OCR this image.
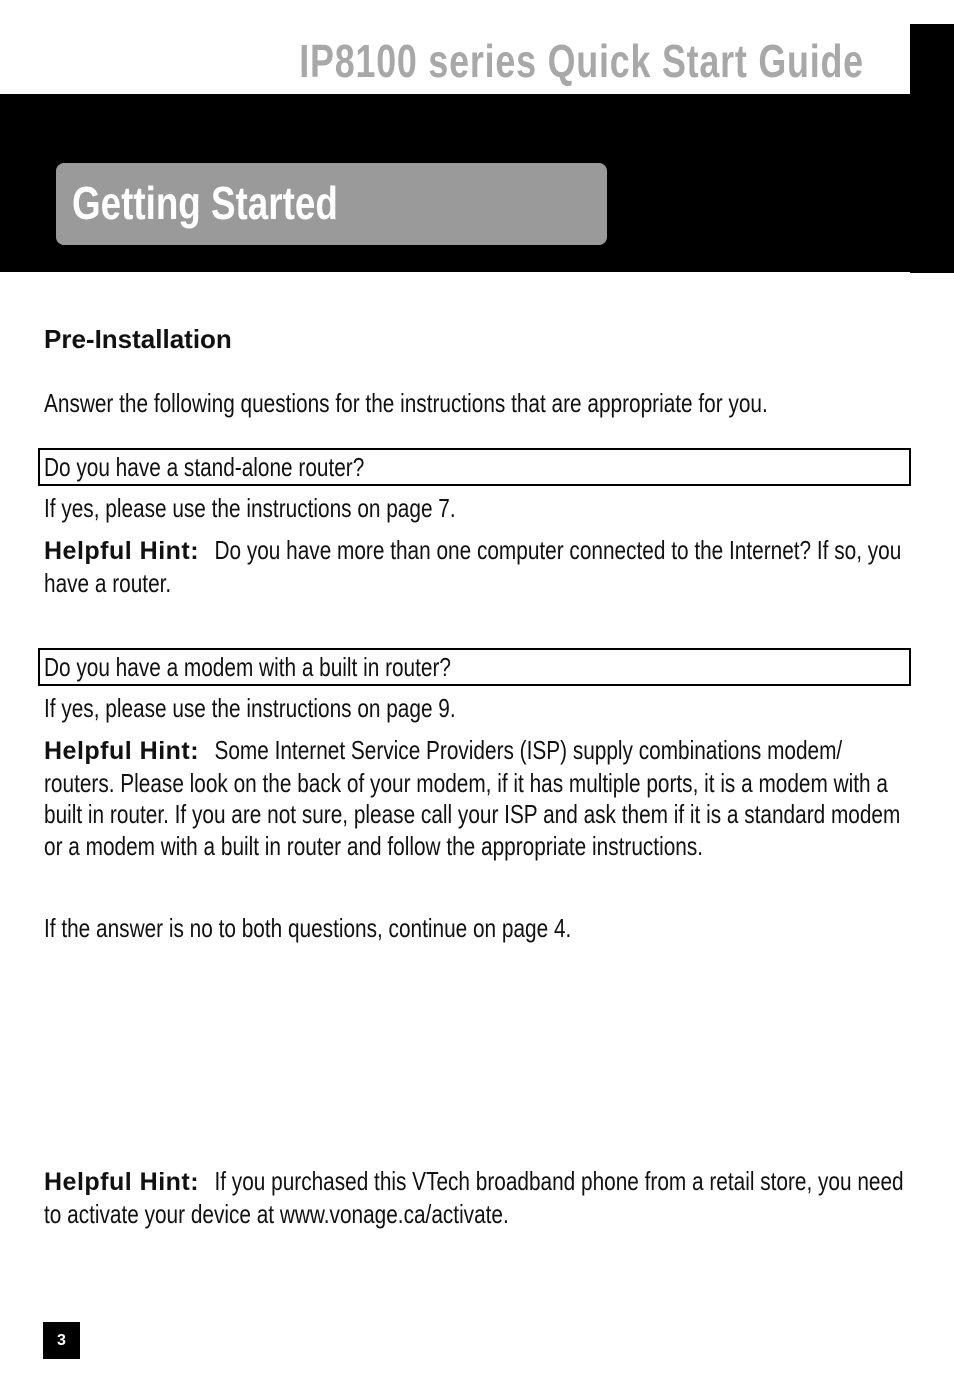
IP8100 series Quick Start Guide
Getting Started
Pre-Installation
Answer the following questions for the instructions that are appropriate for you.
Do you have a stand-alone router?
If yes, please use the instructions on page 7.
Helpful Hint: Do you have more than one computer connected to the Internet? If so, you have a router.
Do you have a modem with a built in router?
If yes, please use the instructions on page 9.
Helpful Hint: Some Internet Service Providers (ISP) supply combinations modem/ routers. Please look on the back of your modem, if it has multiple ports, it is a modem with a built in router. If you are not sure, please call your ISP and ask them if it is a standard modem or a modem with a built in router and follow the appropriate instructions.
If the answer is no to both questions, continue on page 4.
Helpful Hint: If you purchased this VTech broadband phone from a retail store, you need to activate your device at www.vonage.ca/activate.
3
